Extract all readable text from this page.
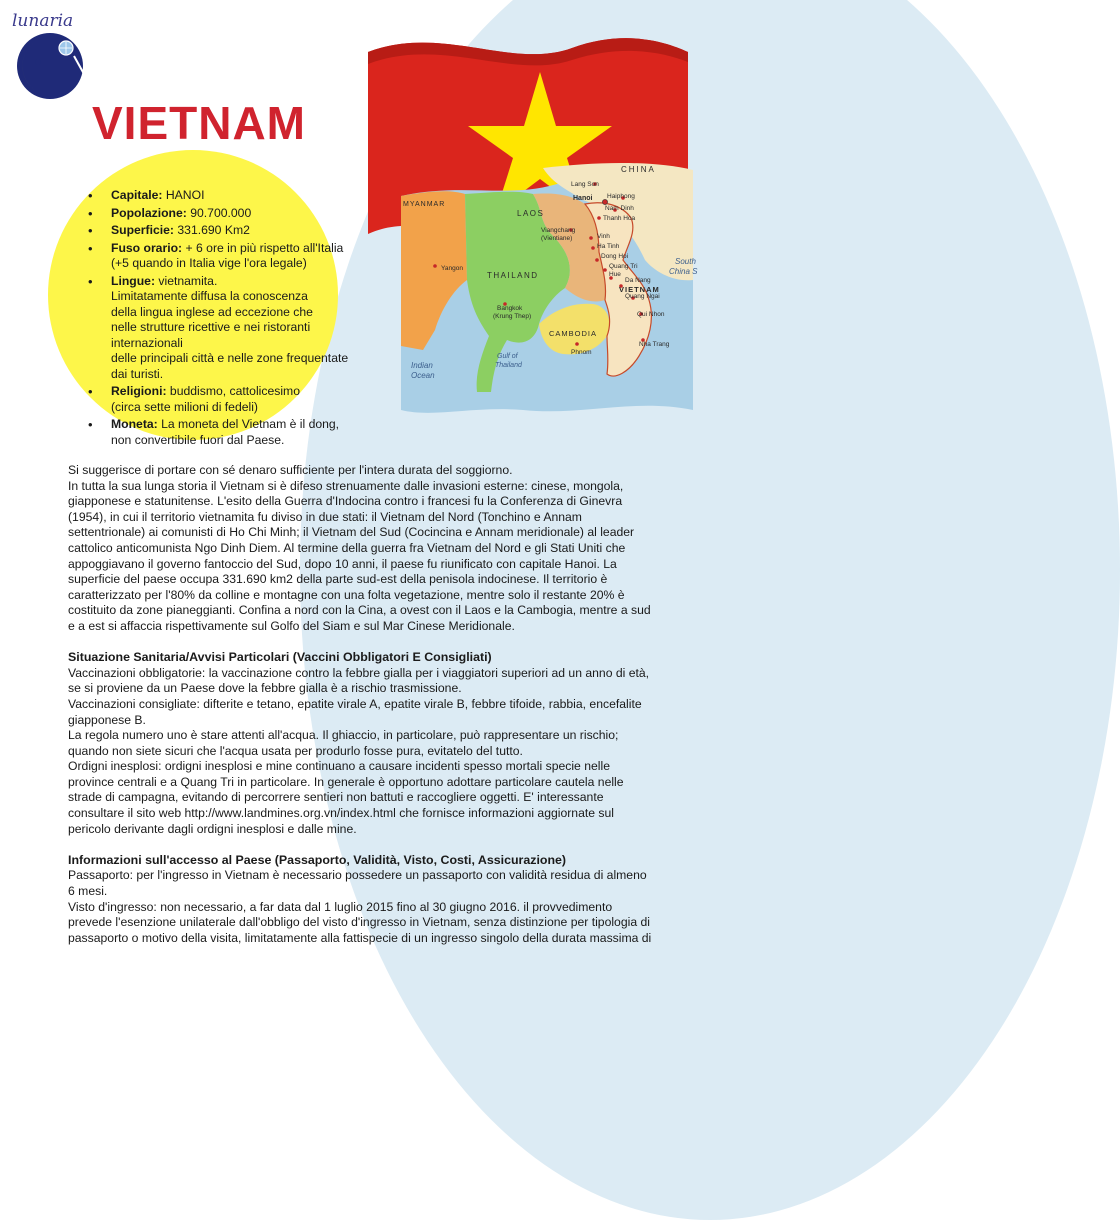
lunaria
VIETNAM
CHINA
MYANMAR
LAOS
THAILAND
VIETNAM
CAMBODIA
Indian
Ocean
Gulf of
Thailand
South
China S
Lang Son
Hanoi Haiphong
Nam Dinh
Thanh Hoa
Viangchang
(Vientiane)	Vinh
Ha Tinh
Dong Hoi
Quang Tri
Hue
Da Nang
Quang Ngai
Qui Nhon
Nha Trang
Yangon
Bangkok
(Krung Thep)
Phnom
• Capitale: HANOI
• Popolazione: 90.700.000
• Superficie: 331.690 Km2
• Fuso orario: + 6 ore in più rispetto all'Italia
(+5 quando in Italia vige l'ora legale)
• Lingue: vietnamita.
Limitatamente diffusa la conoscenza
della lingua inglese ad eccezione che
nelle strutture ricettive e nei ristoranti
internazionali
delle principali città e nelle zone frequentate
dai turisti.
• Religioni: buddismo, cattolicesimo
(circa sette milioni di fedeli)
• Moneta: La moneta del Vietnam è il dong,
non convertibile fuori dal Paese.

Si suggerisce di portare con sé denaro sufficiente per l'intera durata del soggiorno.

In tutta la sua lunga storia il Vietnam si è difeso strenuamente dalle invasioni esterne: cinese, mongola, giapponese e statunitense. L'esito della Guerra d'Indocina contro i francesi fu la Conferenza di Ginevra (1954), in cui il territorio vietnamita fu diviso in due stati: il Vietnam del Nord (Tonchino e Annam settentrionale) ai comunisti di Ho Chi Minh; il Vietnam del Sud (Cocincina e Annam meridionale) al leader cattolico anticomunista Ngo Dinh Diem. Al termine della guerra fra Vietnam del Nord e gli Stati Uniti che appoggiavano il governo fantoccio del Sud, dopo 10 anni, il paese fu riunificato con capitale Hanoi. La superficie del paese occupa 331.690 km2 della parte sud-est della penisola indocinese. Il territorio è caratterizzato per l'80% da colline e montagne con una folta vegetazione, mentre solo il restante 20% è costituito da zone pianeggianti. Confina a nord con la Cina, a ovest con il Laos e la Cambogia, mentre a sud e a est si affaccia rispettivamente sul Golfo del Siam e sul Mar Cinese Meridionale.

Situazione Sanitaria/Avvisi Particolari (Vaccini Obbligatori E Consigliati)

Vaccinazioni obbligatorie: la vaccinazione contro la febbre gialla per i viaggiatori superiori ad un anno di età, se si proviene da un Paese dove la febbre gialla è a rischio trasmissione.

Vaccinazioni consigliate: difterite e tetano, epatite virale A, epatite virale B, febbre tifoide, rabbia, encefalite giapponese B.

La regola numero uno è stare attenti all'acqua. Il ghiaccio, in particolare, può rappresentare un rischio; quando non siete sicuri che l'acqua usata per produrlo fosse pura, evitatelo del tutto.

Ordigni inesplosi: ordigni inesplosi e mine continuano a causare incidenti spesso mortali specie nelle province centrali e a Quang Tri in particolare. In generale è opportuno adottare particolare cautela nelle strade di campagna, evitando di percorrere sentieri non battuti e raccogliere oggetti. E' interessante consultare il sito web http://www.landmines.org.vn/index.html che fornisce informazioni aggiornate sul pericolo derivante dagli ordigni inesplosi e dalle mine.

Informazioni sull'accesso al Paese (Passaporto, Validità, Visto, Costi, Assicurazione)

Passaporto: per l'ingresso in Vietnam è necessario possedere un passaporto con validità residua di almeno 6 mesi.

Visto d'ingresso: non necessario, a far data dal 1 luglio 2015 fino al 30 giugno 2016. il provvedimento prevede l'esenzione unilaterale dall'obbligo del visto d'ingresso in Vietnam, senza distinzione per tipologia di passaporto o motivo della visita, limitatamente alla fattispecie di un ingresso singolo della durata massima di
